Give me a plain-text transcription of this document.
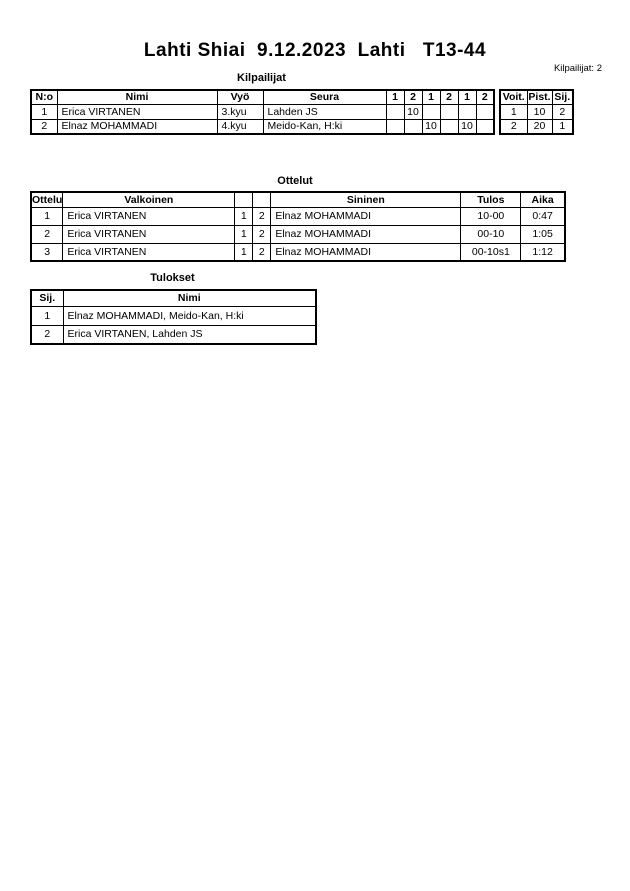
Lahti Shiai  9.12.2023  Lahti   T13-44
Kilpailijat: 2
Kilpailijat
N:o	Nimi	Vyö	Seura	1	2	1	2	1	2
1	Erica VIRTANEN	3.kyu	Lahden JS		10				
2	Elnaz MOHAMMADI	4.kyu	Meido-Kan, H:ki			10		10	
Voit.	Pist.	Sij.
1	10	2
2	20	1
Ottelut
Ottelu	Valkoinen			Sininen	Tulos	Aika
1	Erica VIRTANEN	1	2	Elnaz MOHAMMADI	10-00	0:47
2	Erica VIRTANEN	1	2	Elnaz MOHAMMADI	00-10	1:05
3	Erica VIRTANEN	1	2	Elnaz MOHAMMADI	00-10s1	1:12
Tulokset
Sij.	Nimi
1	Elnaz MOHAMMADI, Meido-Kan, H:ki
2	Erica VIRTANEN, Lahden JS
